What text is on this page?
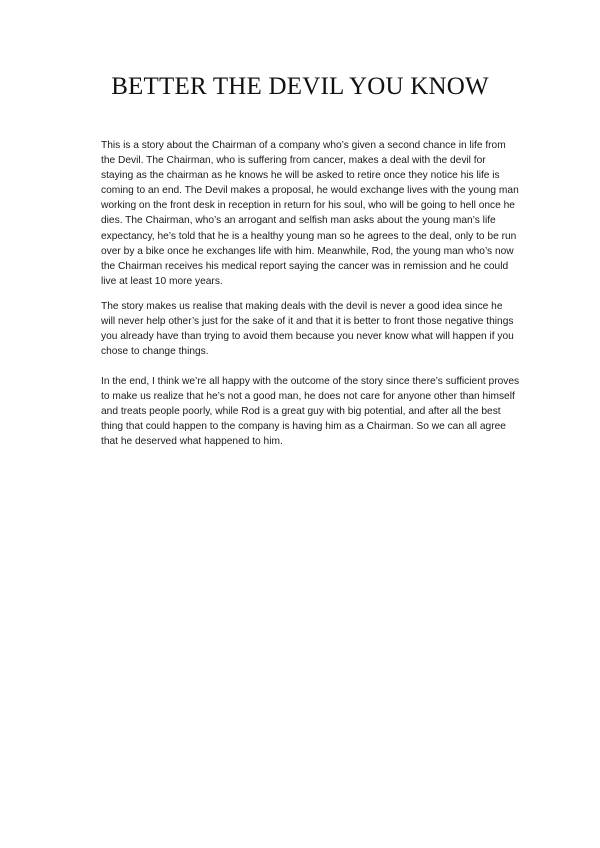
BETTER THE DEVIL YOU KNOW
This is a story about the Chairman of a company who’s given a second chance in life from
the Devil. The Chairman, who is suffering from cancer, makes a deal with the devil for
staying as the chairman as he knows he will be asked to retire once they notice his life is
coming to an end. The Devil makes a proposal, he would exchange lives with the young man
working on the front desk in reception in return for his soul, who will be going to hell once he
dies. The Chairman, who’s an arrogant and selfish man asks about the young man’s life
expectancy, he’s told that he is a healthy young man so he agrees to the deal, only to be run
over by a bike once he exchanges life with him. Meanwhile, Rod, the young man who’s now
the Chairman receives his medical report saying the cancer was in remission and he could
live at least 10 more years.
The story makes us realise that making deals with the devil is never a good idea since he
will never help other’s just for the sake of it and that it is better to front those negative things
you already have than trying to avoid them because you never know what will happen if you
chose to change things.
In the end, I think we’re all happy with the outcome of the story since there’s sufficient proves
to make us realize that he’s not a good man, he does not care for anyone other than himself
and treats people poorly, while Rod is a great guy with big potential, and after all the best
thing that could happen to the company is having him as a Chairman. So we can all agree
that he deserved what happened to him.
